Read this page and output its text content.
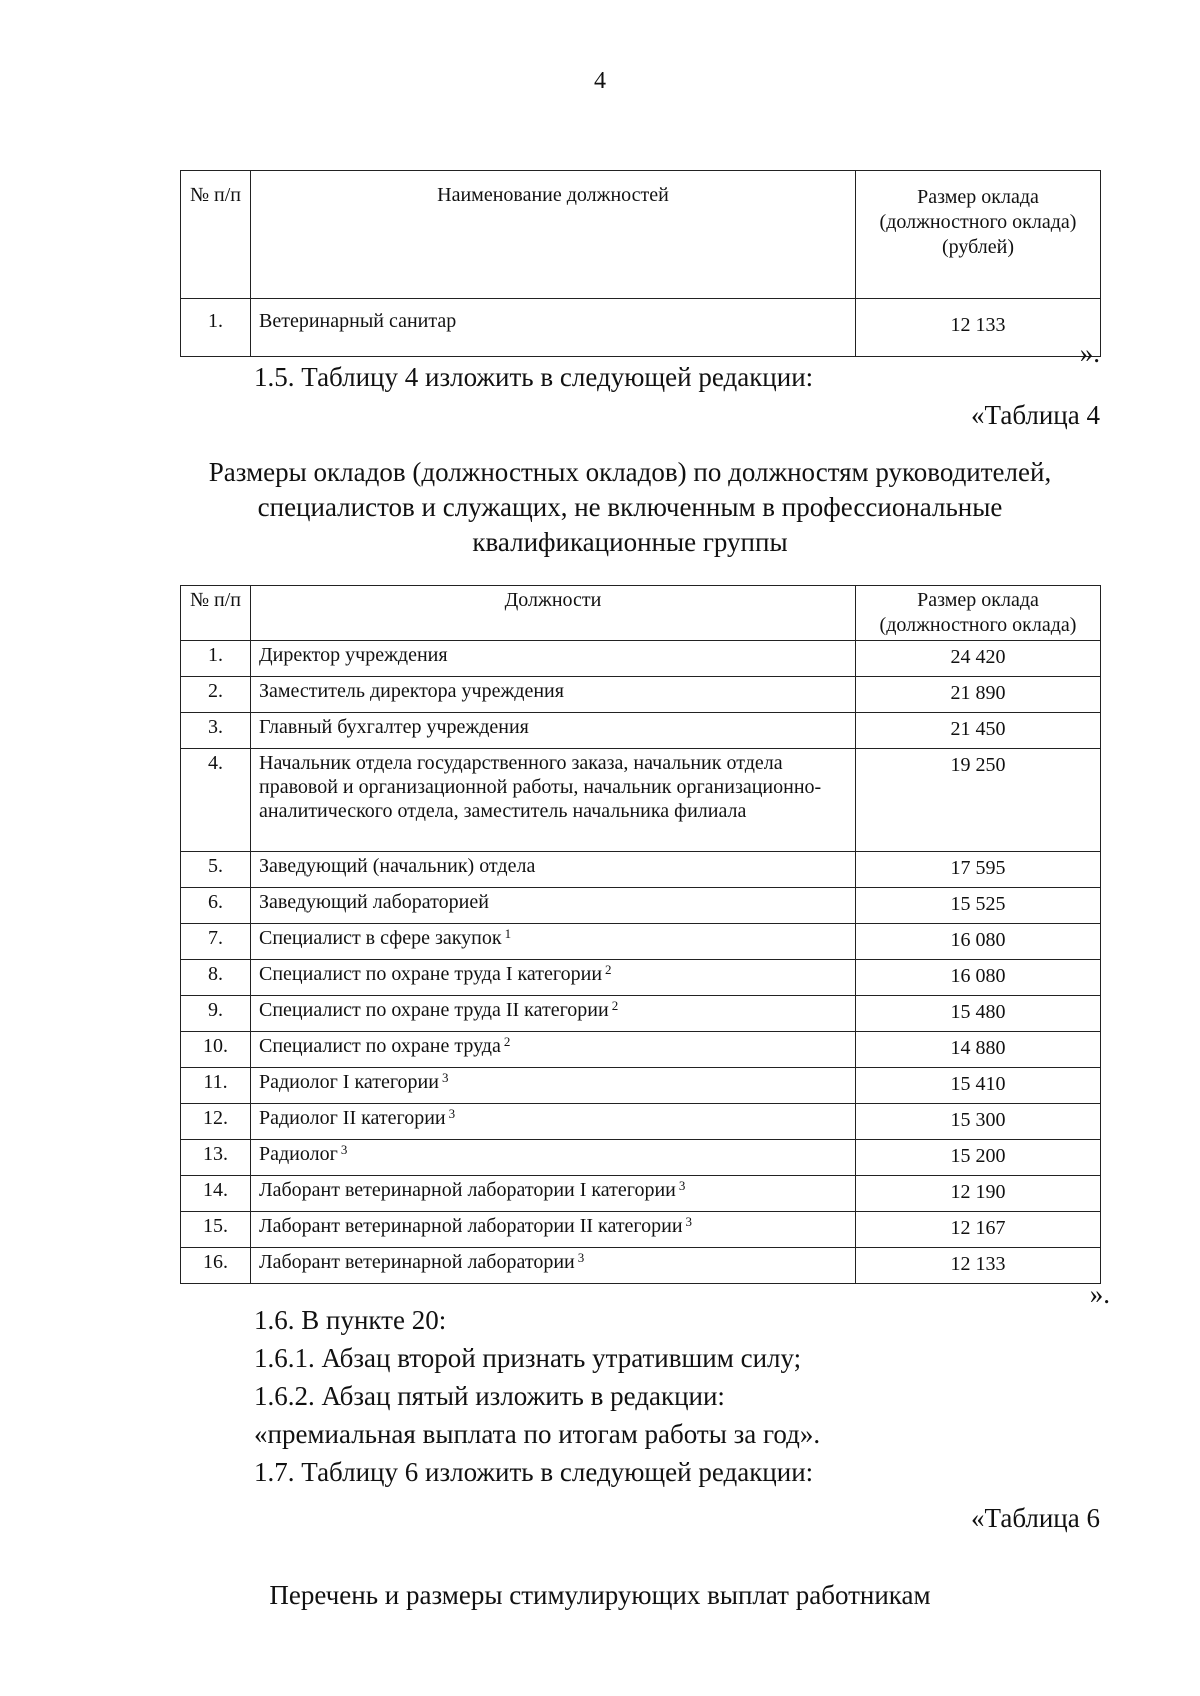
4
№ п/п	Наименование должностей	Размер оклада (должностного оклада) (рублей)
1.	Ветеринарный санитар	12 133
».
1.5. Таблицу 4 изложить в следующей редакции:
«Таблица 4
Размеры окладов (должностных окладов) по должностям руководителей,
специалистов и служащих, не включенным в профессиональные
квалификационные группы
№ п/п	Должности	Размер оклада (должностного оклада)
1.	Директор учреждения	24 420
2.	Заместитель директора учреждения	21 890
3.	Главный бухгалтер учреждения	21 450
4.	Начальник отдела государственного заказа, начальник отдела правовой и организационной работы, начальник организационно-аналитического отдела, заместитель начальника филиала	19 250
5.	Заведующий (начальник) отдела	17 595
6.	Заведующий лабораторией	15 525
7.	Специалист в сфере закупок $^1$	16 080
8.	Специалист по охране труда I категории $^2$	16 080
9.	Специалист по охране труда II категории $^2$	15 480
10.	Специалист по охране труда $^2$	14 880
11.	Радиолог I категории $^3$	15 410
12.	Радиолог II категории $^3$	15 300
13.	Радиолог $^3$	15 200
14.	Лаборант ветеринарной лаборатории I категории $^3$	12 190
15.	Лаборант ветеринарной лаборатории II категории $^3$	12 167
16.	Лаборант ветеринарной лаборатории $^3$	12 133
».
1.6. В пункте 20:
1.6.1. Абзац второй признать утратившим силу;
1.6.2. Абзац пятый изложить в редакции:
«премиальная выплата по итогам работы за год».
1.7. Таблицу 6 изложить в следующей редакции:
«Таблица 6
Перечень и размеры стимулирующих выплат работникам
